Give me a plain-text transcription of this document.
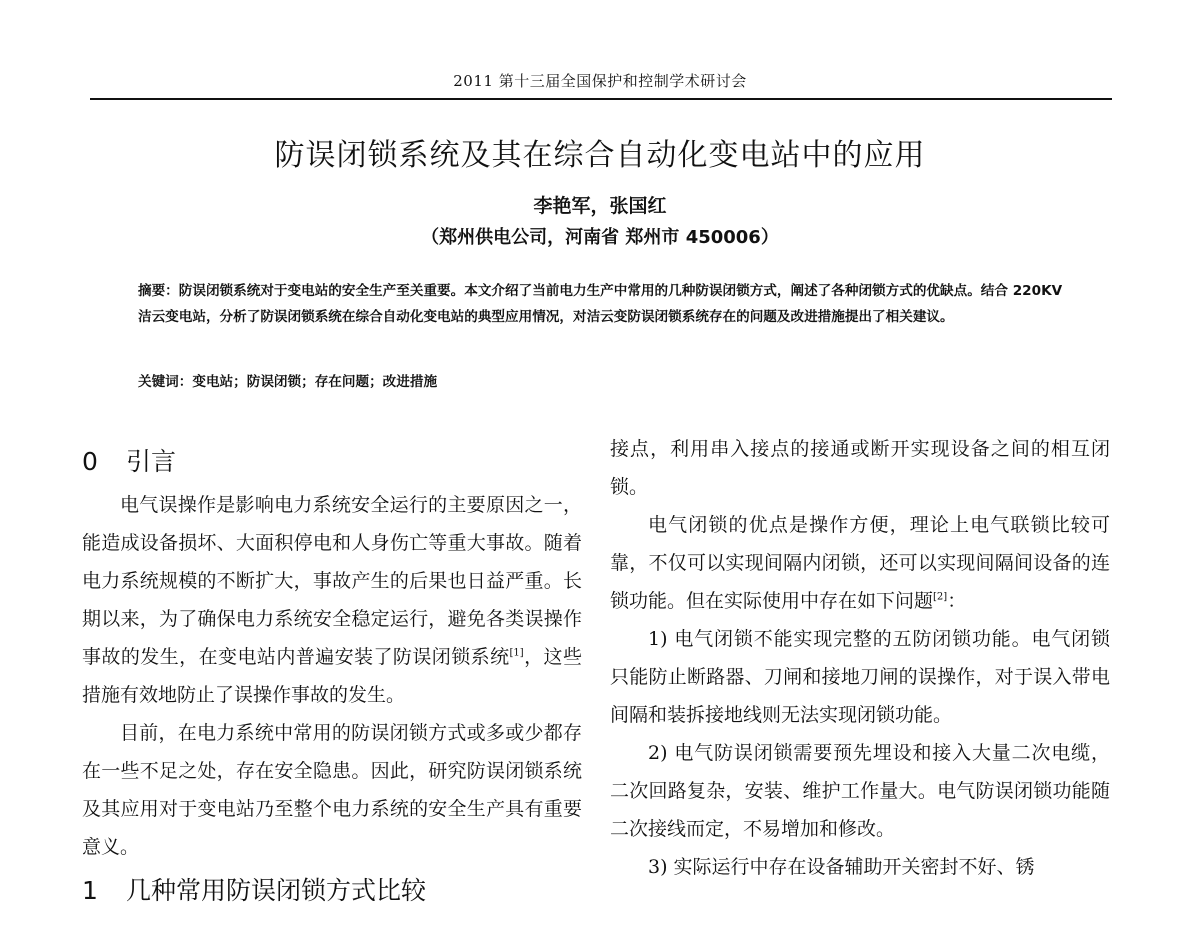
2011 第十三届全国保护和控制学术研讨会
防误闭锁系统及其在综合自动化变电站中的应用
李艳军，张国红
（郑州供电公司，河南省 郑州市 450006）
摘要：防误闭锁系统对于变电站的安全生产至关重要。本文介绍了当前电力生产中常用的几种防误闭锁方式，阐述了各种闭锁方式的优缺点。结合 220KV 洁云变电站，分析了防误闭锁系统在综合自动化变电站的典型应用情况，对洁云变防误闭锁系统存在的问题及改进措施提出了相关建议。
关键词：变电站；防误闭锁；存在问题；改进措施
0	引言

电气误操作是影响电力系统安全运行的主要原因之一，能造成设备损坏、大面积停电和人身伤亡等重大事故。随着电力系统规模的不断扩大，事故产生的后果也日益严重。长期以来，为了确保电力系统安全稳定运行，避免各类误操作事故的发生，在变电站内普遍安装了防误闭锁系统[1]，这些措施有效地防止了误操作事故的发生。

目前，在电力系统中常用的防误闭锁方式或多或少都存在一些不足之处，存在安全隐患。因此，研究防误闭锁系统及其应用对于变电站乃至整个电力系统的安全生产具有重要意义。

1	几种常用防误闭锁方式比较

接点，利用串入接点的接通或断开实现设备之间的相互闭锁。

电气闭锁的优点是操作方便，理论上电气联锁比较可靠，不仅可以实现间隔内闭锁，还可以实现间隔间设备的连锁功能。但在实际使用中存在如下问题[2]：

1) 电气闭锁不能实现完整的五防闭锁功能。电气闭锁只能防止断路器、刀闸和接地刀闸的误操作，对于误入带电间隔和装拆接地线则无法实现闭锁功能。

2) 电气防误闭锁需要预先埋设和接入大量二次电缆，二次回路复杂，安装、维护工作量大。电气防误闭锁功能随二次接线而定，不易增加和修改。

3) 实际运行中存在设备辅助开关密封不好、锈
